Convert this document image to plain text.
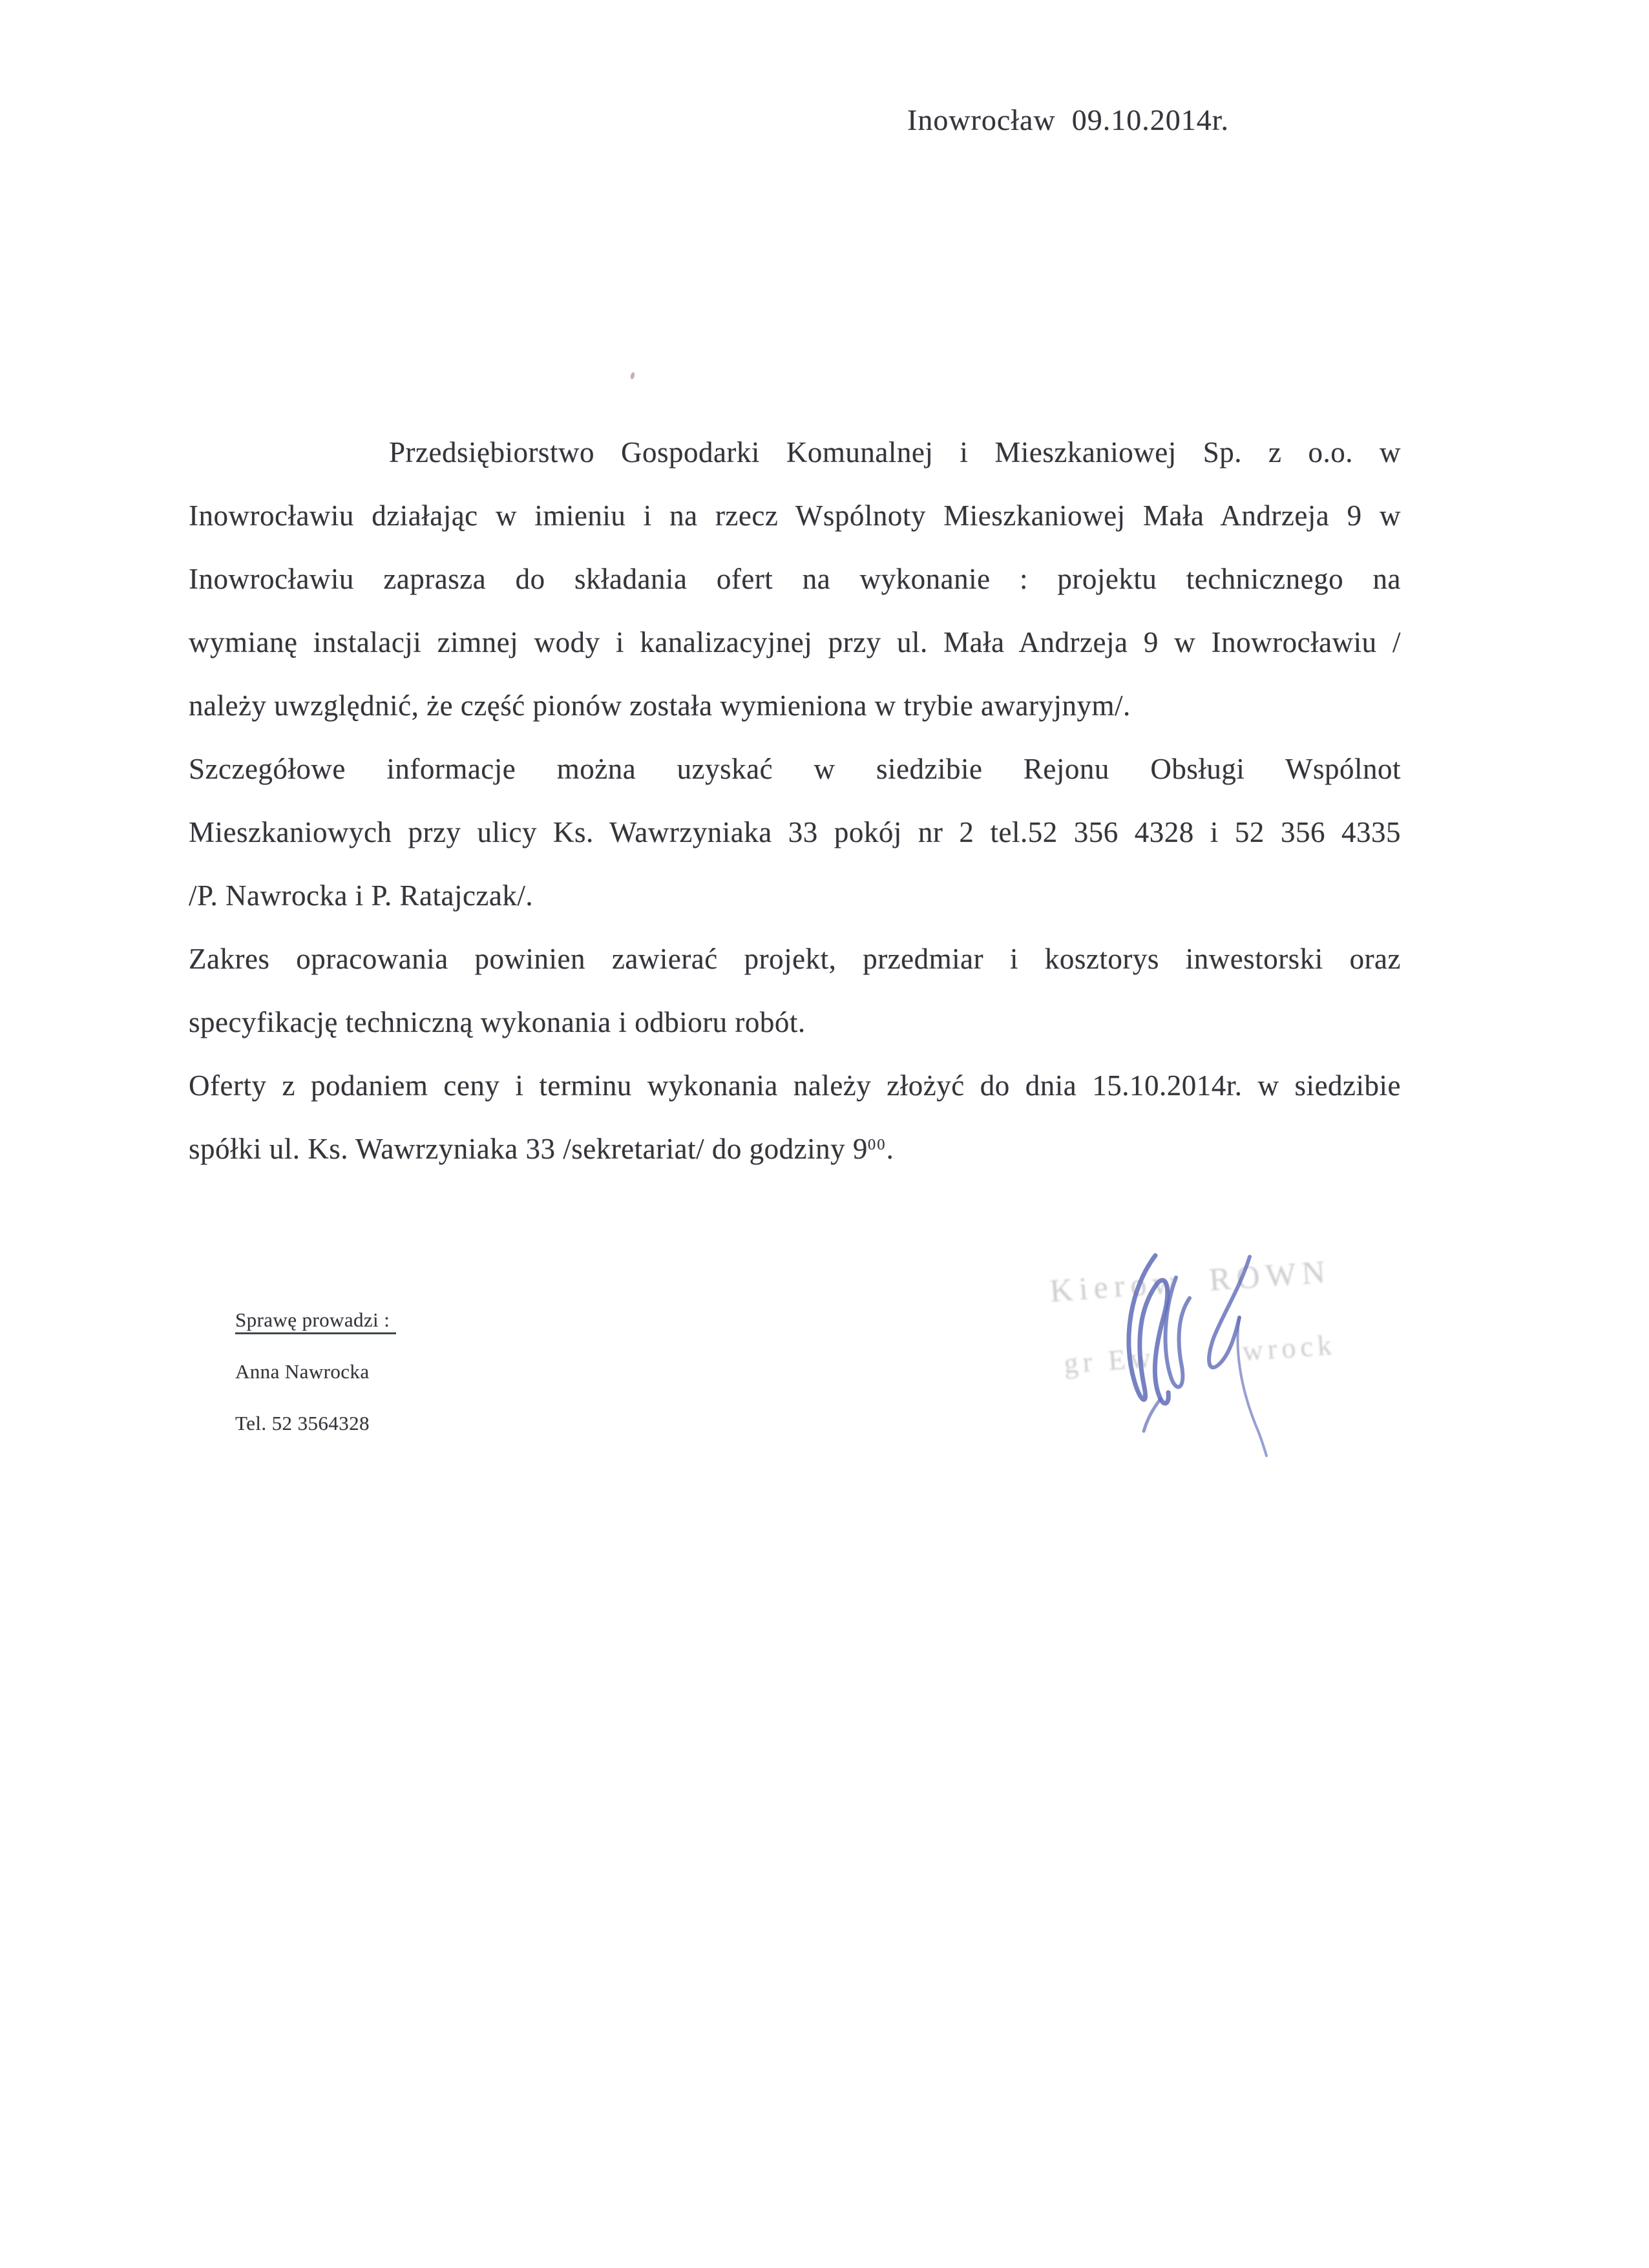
Inowrocław  09.10.2014r.
Przedsiębiorstwo Gospodarki Komunalnej i Mieszkaniowej Sp. z o.o. w
Inowrocławiu działając w imieniu i na rzecz Wspólnoty Mieszkaniowej Mała Andrzeja 9 w
Inowrocławiu zaprasza do składania ofert na wykonanie : projektu technicznego na
wymianę instalacji zimnej wody i kanalizacyjnej przy ul. Mała Andrzeja 9 w Inowrocławiu /
należy uwzględnić, że część pionów została wymieniona w trybie awaryjnym/.
Szczegółowe informacje można uzyskać w siedzibie Rejonu Obsługi Wspólnot
Mieszkaniowych przy ulicy Ks. Wawrzyniaka 33 pokój nr 2 tel.52 356 4328 i 52 356 4335
/P. Nawrocka i P. Ratajczak/.
Zakres opracowania powinien zawierać projekt, przedmiar i kosztorys inwestorski oraz
specyfikację techniczną wykonania i odbioru robót.
Oferty z podaniem ceny i terminu wykonania należy złożyć do dnia 15.10.2014r. w siedzibie
spółki ul. Ks. Wawrzyniaka 33 /sekretariat/ do godziny $9^{00}$.
Sprawę prowadzi :
Anna Nawrocka
Tel. 52 3564328
Kierow ROWN
gr Ew	wrock
